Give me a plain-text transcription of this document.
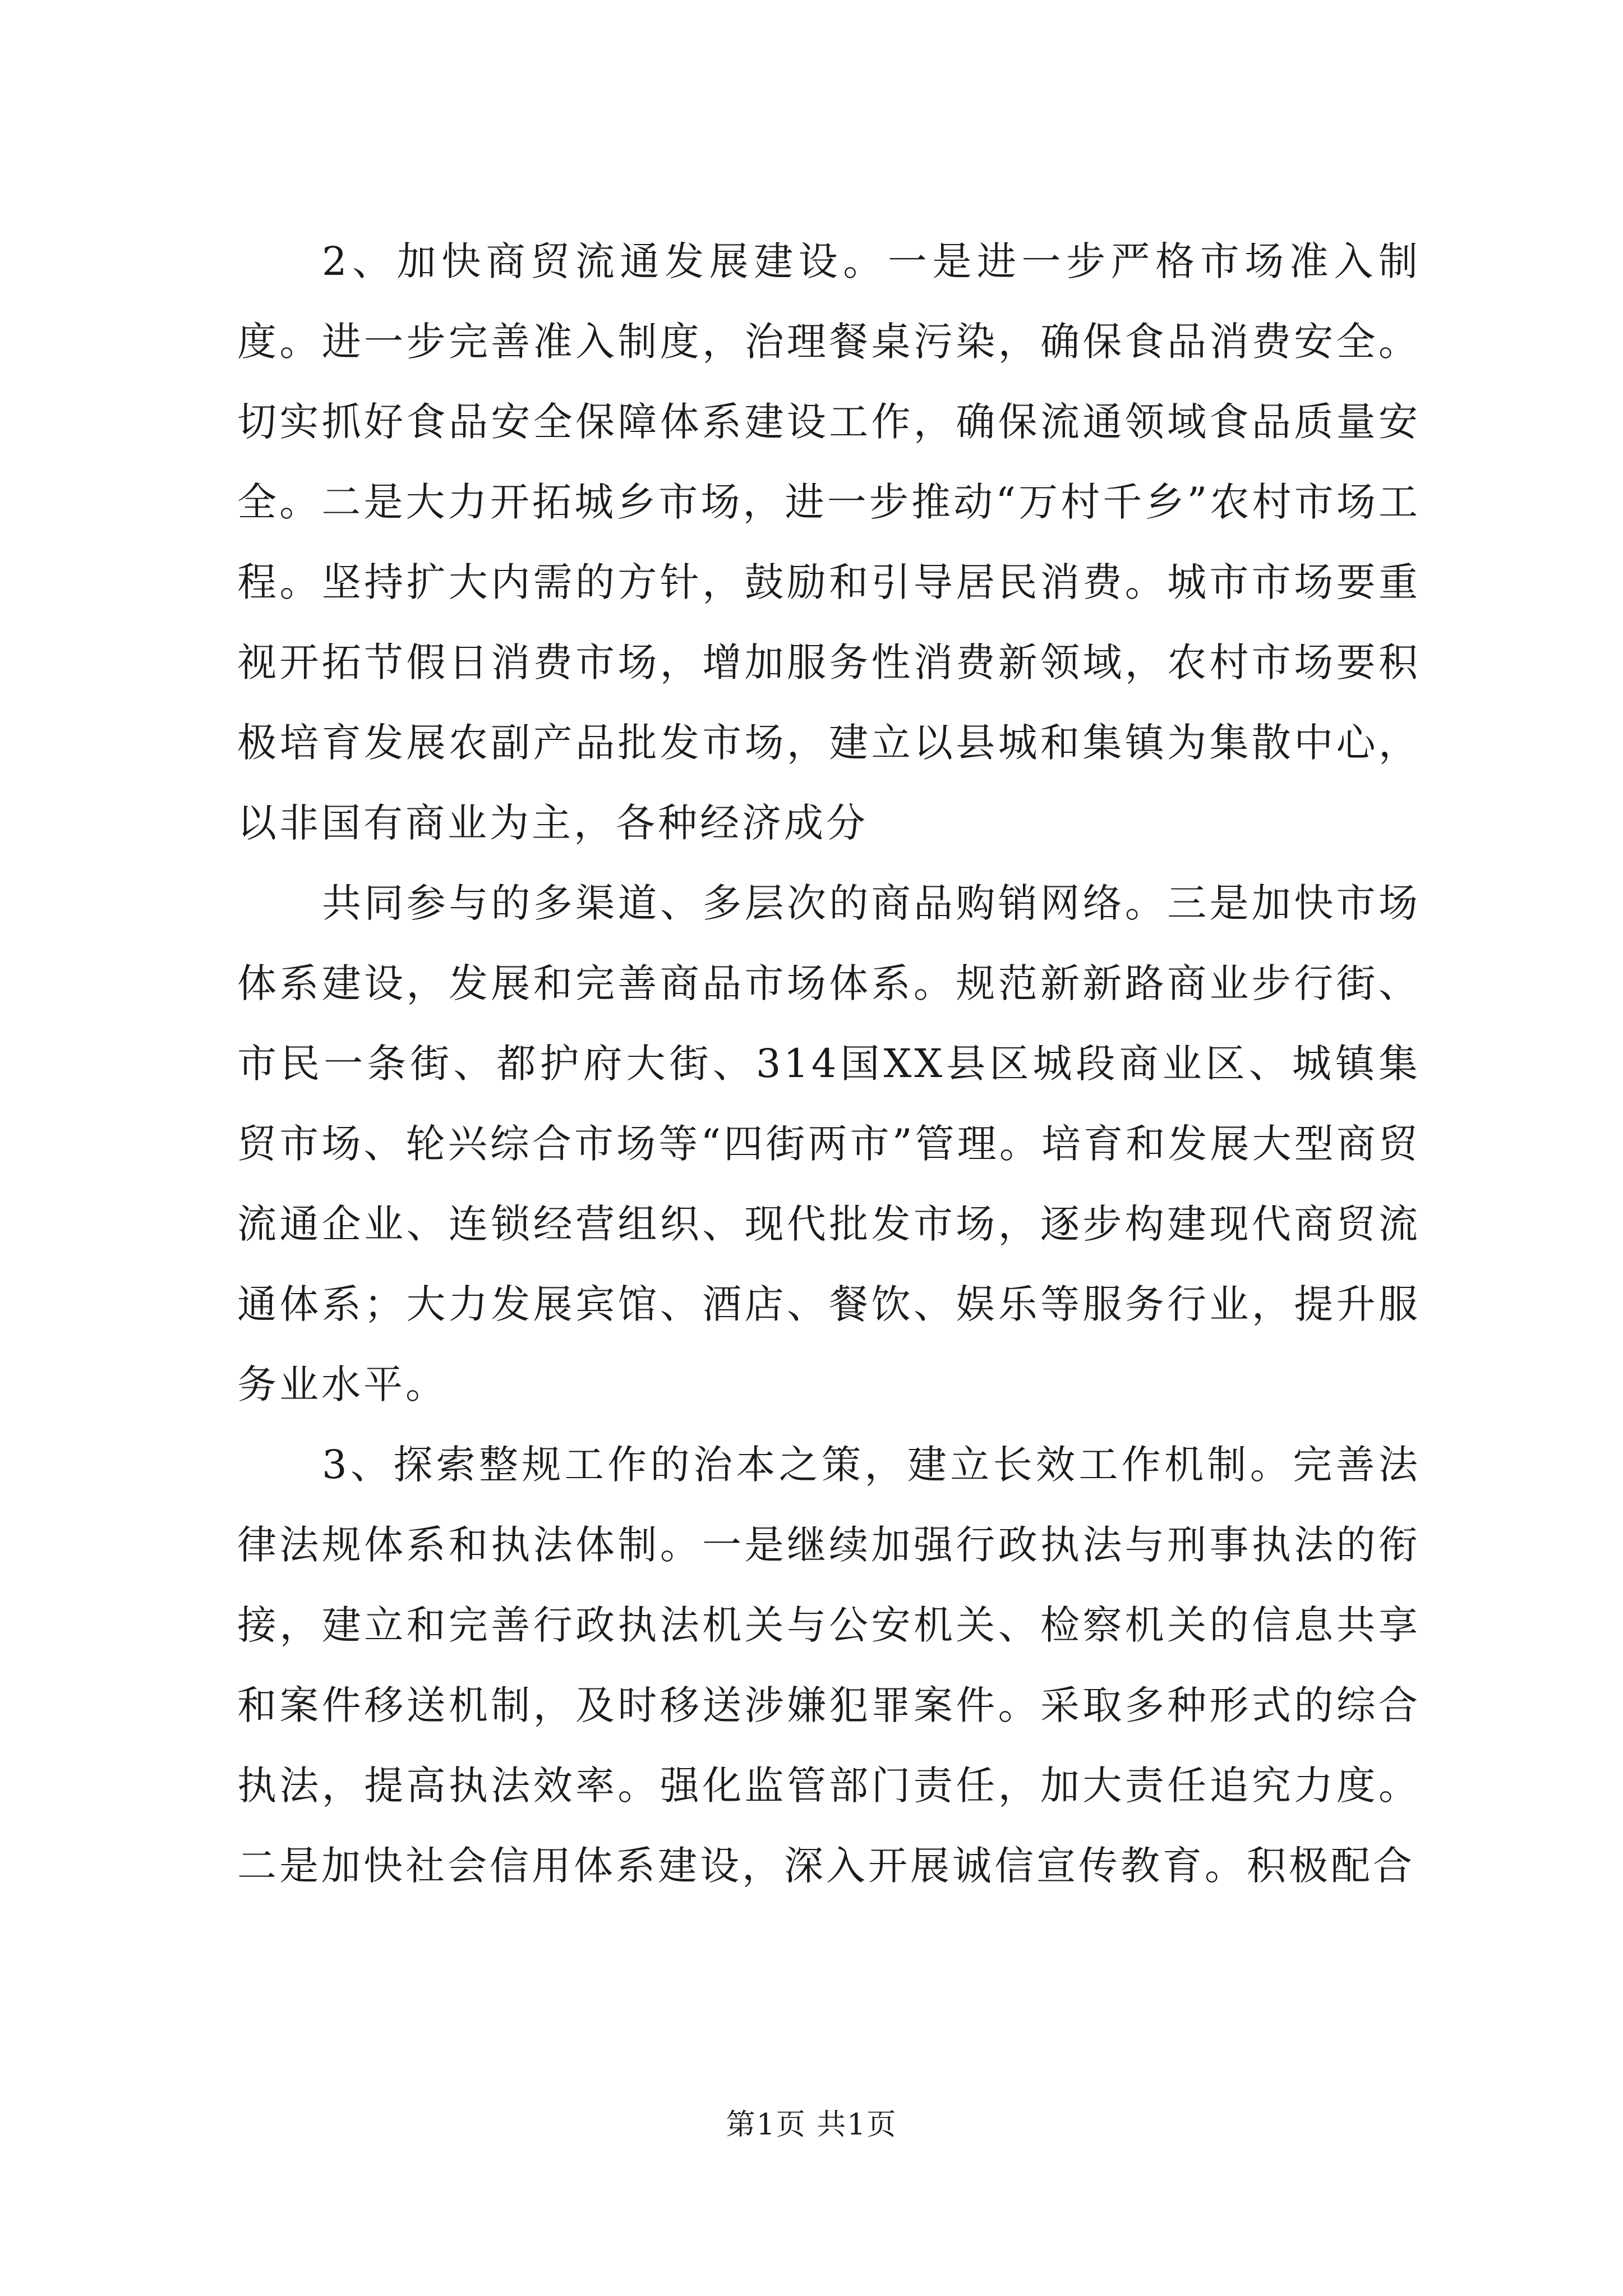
2、加快商贸流通发展建设。一是进一步严格市场准入制度。进一步完善准入制度，治理餐桌污染，确保食品消费安全。切实抓好食品安全保障体系建设工作，确保流通领域食品质量安全。二是大力开拓城乡市场，进一步推动“万村千乡”农村市场工程。坚持扩大内需的方针，鼓励和引导居民消费。城市市场要重视开拓节假日消费市场，增加服务性消费新领域，农村市场要积极培育发展农副产品批发市场，建立以县城和集镇为集散中心，以非国有商业为主，各种经济成分

共同参与的多渠道、多层次的商品购销网络。三是加快市场体系建设，发展和完善商品市场体系。规范新新路商业步行街、市民一条街、都护府大街、314国XX县区城段商业区、城镇集贸市场、轮兴综合市场等“四街两市”管理。培育和发展大型商贸流通企业、连锁经营组织、现代批发市场，逐步构建现代商贸流通体系；大力发展宾馆、酒店、餐饮、娱乐等服务行业，提升服务业水平。

3、探索整规工作的治本之策，建立长效工作机制。完善法律法规体系和执法体制。一是继续加强行政执法与刑事执法的衔接，建立和完善行政执法机关与公安机关、检察机关的信息共享和案件移送机制，及时移送涉嫌犯罪案件。采取多种形式的综合执法，提高执法效率。强化监管部门责任，加大责任追究力度。二是加快社会信用体系建设，深入开展诚信宣传教育。积极配合

第1页 共1页
